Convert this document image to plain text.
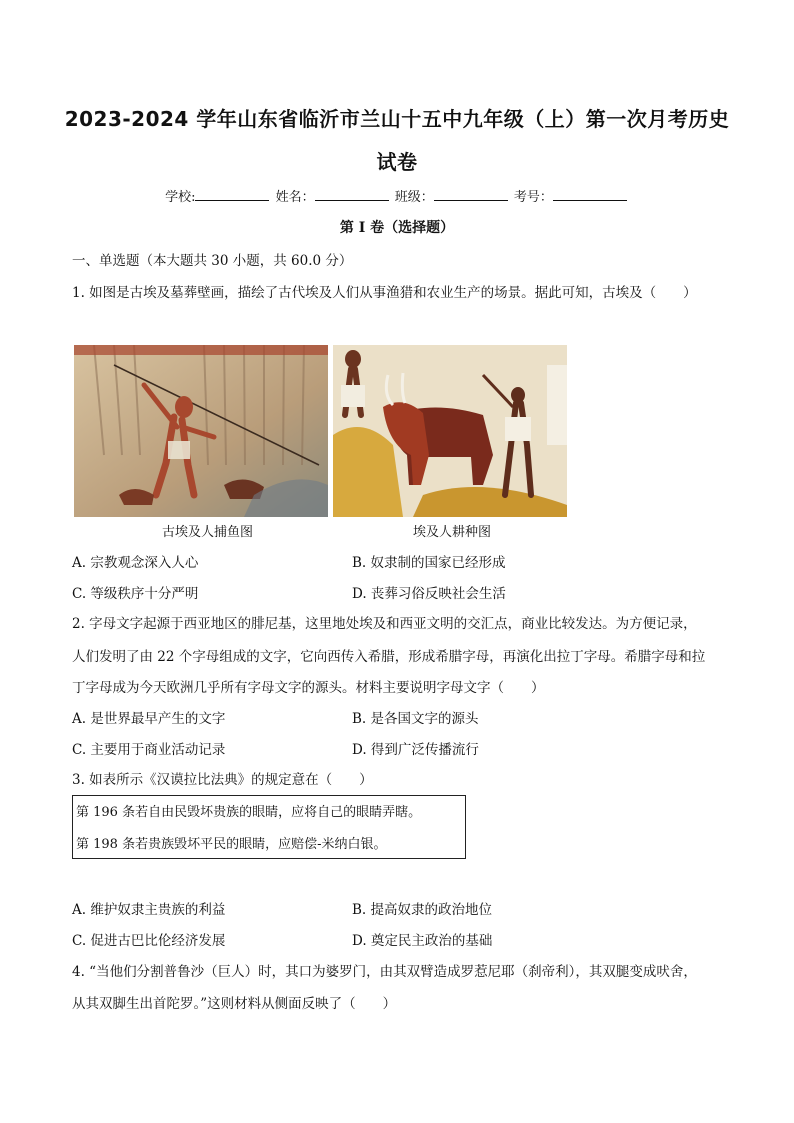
2023-2024 学年山东省临沂市兰山十五中九年级（上）第一次月考历史
试卷
学校:	姓名：	班级：	考号：
第 I 卷（选择题）
一、单选题（本大题共 30 小题，共 60.0 分）
1. 如图是古埃及墓葬壁画，描绘了古代埃及人们从事渔猎和农业生产的场景。据此可知，古埃及（　　）
古埃及人捕鱼图	埃及人耕种图
A. 宗教观念深入人心	B. 奴隶制的国家已经形成
C. 等级秩序十分严明	D. 丧葬习俗反映社会生活
2. 字母文字起源于西亚地区的腓尼基，这里地处埃及和西亚文明的交汇点，商业比较发达。为方便记录，
人们发明了由 22 个字母组成的文字，它向西传入希腊，形成希腊字母，再演化出拉丁字母。希腊字母和拉
丁字母成为今天欧洲几乎所有字母文字的源头。材料主要说明字母文字（　　）
A. 是世界最早产生的文字	B. 是各国文字的源头
C. 主要用于商业活动记录	D. 得到广泛传播流行
3. 如表所示《汉谟拉比法典》的规定意在（　　）
第 196 条若自由民毁坏贵族的眼睛，应将自己的眼睛弄瞎。
第 198 条若贵族毁坏平民的眼睛，应赔偿-米纳白银。
A. 维护奴隶主贵族的利益	B. 提高奴隶的政治地位
C. 促进古巴比伦经济发展	D. 奠定民主政治的基础
4. “当他们分割普鲁沙（巨人）时，其口为婆罗门，由其双臂造成罗惹尼耶（刹帝利），其双腿变成吠舍，
从其双脚生出首陀罗。”这则材料从侧面反映了（　　）
